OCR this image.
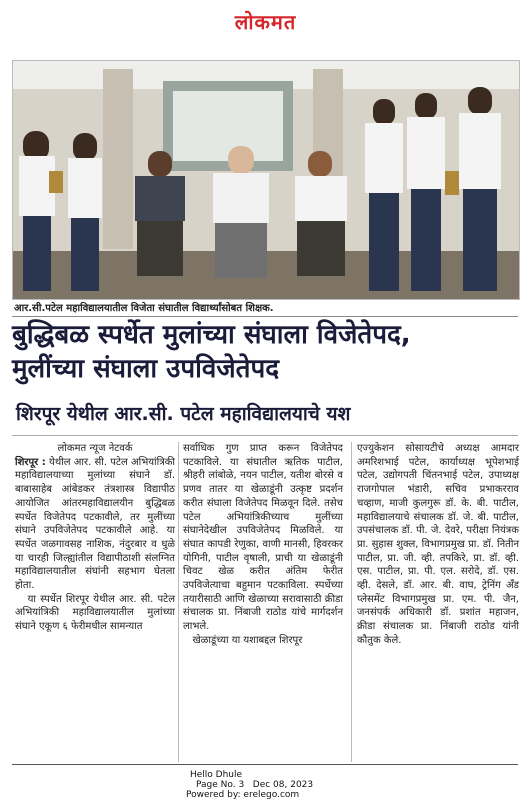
लोकमत
आर.सी.पटेल महाविद्यालयातील विजेता संघातील विद्यार्थ्यांसोबत शिक्षक.
बुद्धिबळ स्पर्धेत मुलांच्या संघाला विजेतेपद,
मुलींच्या संघाला उपविजेतेपद
शिरपूर येथील आर.सी. पटेल महाविद्यालयाचे यश
लोकमत न्यूज नेटवर्क

शिरपूर : येथील आर. सी. पटेल अभियांत्रिकी महाविद्यालयाच्या मुलांच्या संघाने डॉ. बाबासाहेब आंबेडकर तंत्रशास्त्र विद्यापीठ आयोजित आंतरमहाविद्यालयीन बुद्धिबळ स्पर्धेत विजेतेपद पटकावीले, तर मुलींच्या संघाने उपविजेतेपद पटकावीले आहे. या स्पर्धेत जळगावसह नाशिक, नंदुरबार व धुळे या चारही जिल्ह्यांतील विद्यापीठाशी संलग्नित महाविद्यालयातील संघांनी सहभाग घेतला होता.

या स्पर्धेत शिरपूर येथील आर. सी. पटेल अभियांत्रिकी महाविद्यालयातील मुलांच्या संघाने एकूण ६ फेरीमधील सामन्यात

सर्वाधिक गुण प्राप्त करून विजेतेपद पटकाविले. या संघातील ऋतिक पाटील, श्रीहरी लांबोळे, नयन पाटील, यतीश बोरसे व प्रणव तातर या खेळाडूंनी उत्कृष्ट प्रदर्शन करीत संघाला विजेतेपद मिळवून दिले. तसेच पटेल अभियांत्रिकीच्याच मुलींच्या संघानेदेखील उपविजेतेपद मिळविले. या संघात कापडी रेणुका, वाणी मानसी, हिवरकर योगिनी, पाटील वृषाली, प्राची या खेळाडूंनी चिवट खेळ करीत अंतिम फेरीत उपविजेत्याचा बहुमान पटकाविला. स्पर्धेच्या तयारीसाठी आणि खेळाच्या सरावासाठी क्रीडा संचालक प्रा. निंबाजी राठोड यांचे मार्गदर्शन लाभले.

खेळाडूंच्या या यशाबद्दल शिरपूर

एज्युकेशन सोसायटीचे अध्यक्ष आमदार अमरिशभाई पटेल, कार्याध्यक्ष भूपेशभाई पटेल, उद्योगपती चिंतनभाई पटेल, उपाध्यक्ष राजगोपाल भंडारी, सचिव प्रभाकरराव चव्हाण, माजी कुलगुरू डॉ. के. बी. पाटील, महाविद्यालयाचे संचालक डॉ. जे. बी. पाटील, उपसंचालक डॉ. पी. जे. देवरे, परीक्षा नियंत्रक प्रा. सुहास शुक्ल, विभागप्रमुख प्रा. डॉ. नितीन पाटील, प्रा. जी. व्ही. तपकिरे, प्रा. डॉ. व्ही. एस. पाटील, प्रा. पी. एल. सरोदे, डॉ. एस. व्ही. देसले, डॉ. आर. बी. वाघ, ट्रेनिंग अँड प्लेसमेंट विभागप्रमुख प्रा. एम. पी. जैन, जनसंपर्क अधिकारी डॉ. प्रशांत महाजन, क्रीडा संचालक प्रा. निंबाजी राठोड यांनी कौतुक केले.

Hello Dhule
Page No. 3 Dec 08, 2023
Powered by: erelego.com
